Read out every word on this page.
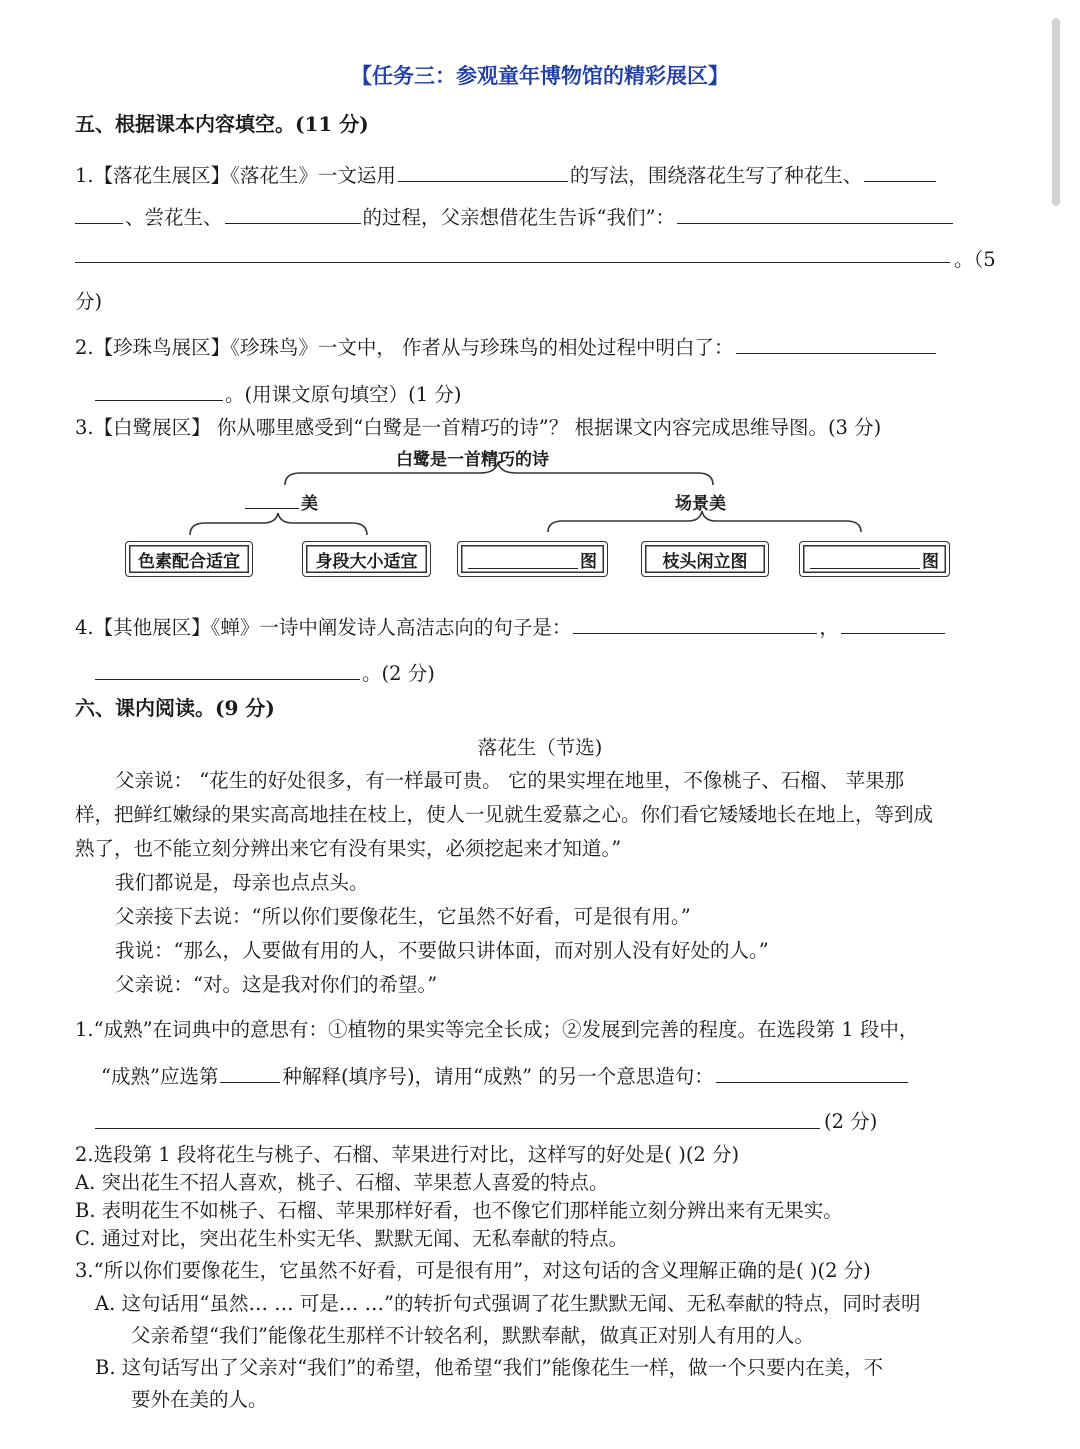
【任务三：参观童年博物馆的精彩展区】
五、根据课本内容填空。(11 分)
1.【落花生展区】《落花生》一文运用	的写法，围绕落花生写了种花生、
、尝花生、	的过程，父亲想借花生告诉“我们”：
。（5
分)
2.【珍珠鸟展区】《珍珠鸟》一文中， 作者从与珍珠鸟的相处过程中明白了：
。(用课文原句填空）(1 分)
3.【白鹭展区】 你从哪里感受到“白鹭是一首精巧的诗”？ 根据课文内容完成思维导图。(3 分)
白鹭是一首精巧的诗
美	场景美
色素配合适宜	身段大小适宜	图	枝头闲立图	图
4.【其他展区】《蝉》一诗中阐发诗人高洁志向的句子是：	，
。(2 分)
六、课内阅读。(9 分)
落花生（节选)
父亲说： “花生的好处很多，有一样最可贵。 它的果实埋在地里，不像桃子、石榴、 苹果那
样，把鲜红嫩绿的果实高高地挂在枝上，使人一见就生爱慕之心。你们看它矮矮地长在地上，等到成
熟了，也不能立刻分辨出来它有没有果实，必须挖起来才知道。”
我们都说是，母亲也点点头。
父亲接下去说：“所以你们要像花生，它虽然不好看，可是很有用。”
我说：“那么，人要做有用的人，不要做只讲体面，而对别人没有好处的人。”
父亲说：“对。这是我对你们的希望。”
1.“成熟”在词典中的意思有：①植物的果实等完全长成；②发展到完善的程度。在选段第 1 段中，
“成熟”应选第	种解释(填序号)，请用“成熟” 的另一个意思造句：
(2 分)
2.选段第 1 段将花生与桃子、石榴、苹果进行对比，这样写的好处是( )(2 分)
A. 突出花生不招人喜欢，桃子、石榴、苹果惹人喜爱的特点。
B. 表明花生不如桃子、石榴、苹果那样好看，也不像它们那样能立刻分辨出来有无果实。
C. 通过对比，突出花生朴实无华、默默无闻、无私奉献的特点。
3.“所以你们要像花生，它虽然不好看，可是很有用”，对这句话的含义理解正确的是( )(2 分)
A. 这句话用“虽然… … 可是… …”的转折句式强调了花生默默无闻、无私奉献的特点，同时表明
父亲希望“我们”能像花生那样不计较名利，默默奉献，做真正对别人有用的人。
B. 这句话写出了父亲对“我们”的希望，他希望“我们”能像花生一样，做一个只要内在美，不
要外在美的人。
